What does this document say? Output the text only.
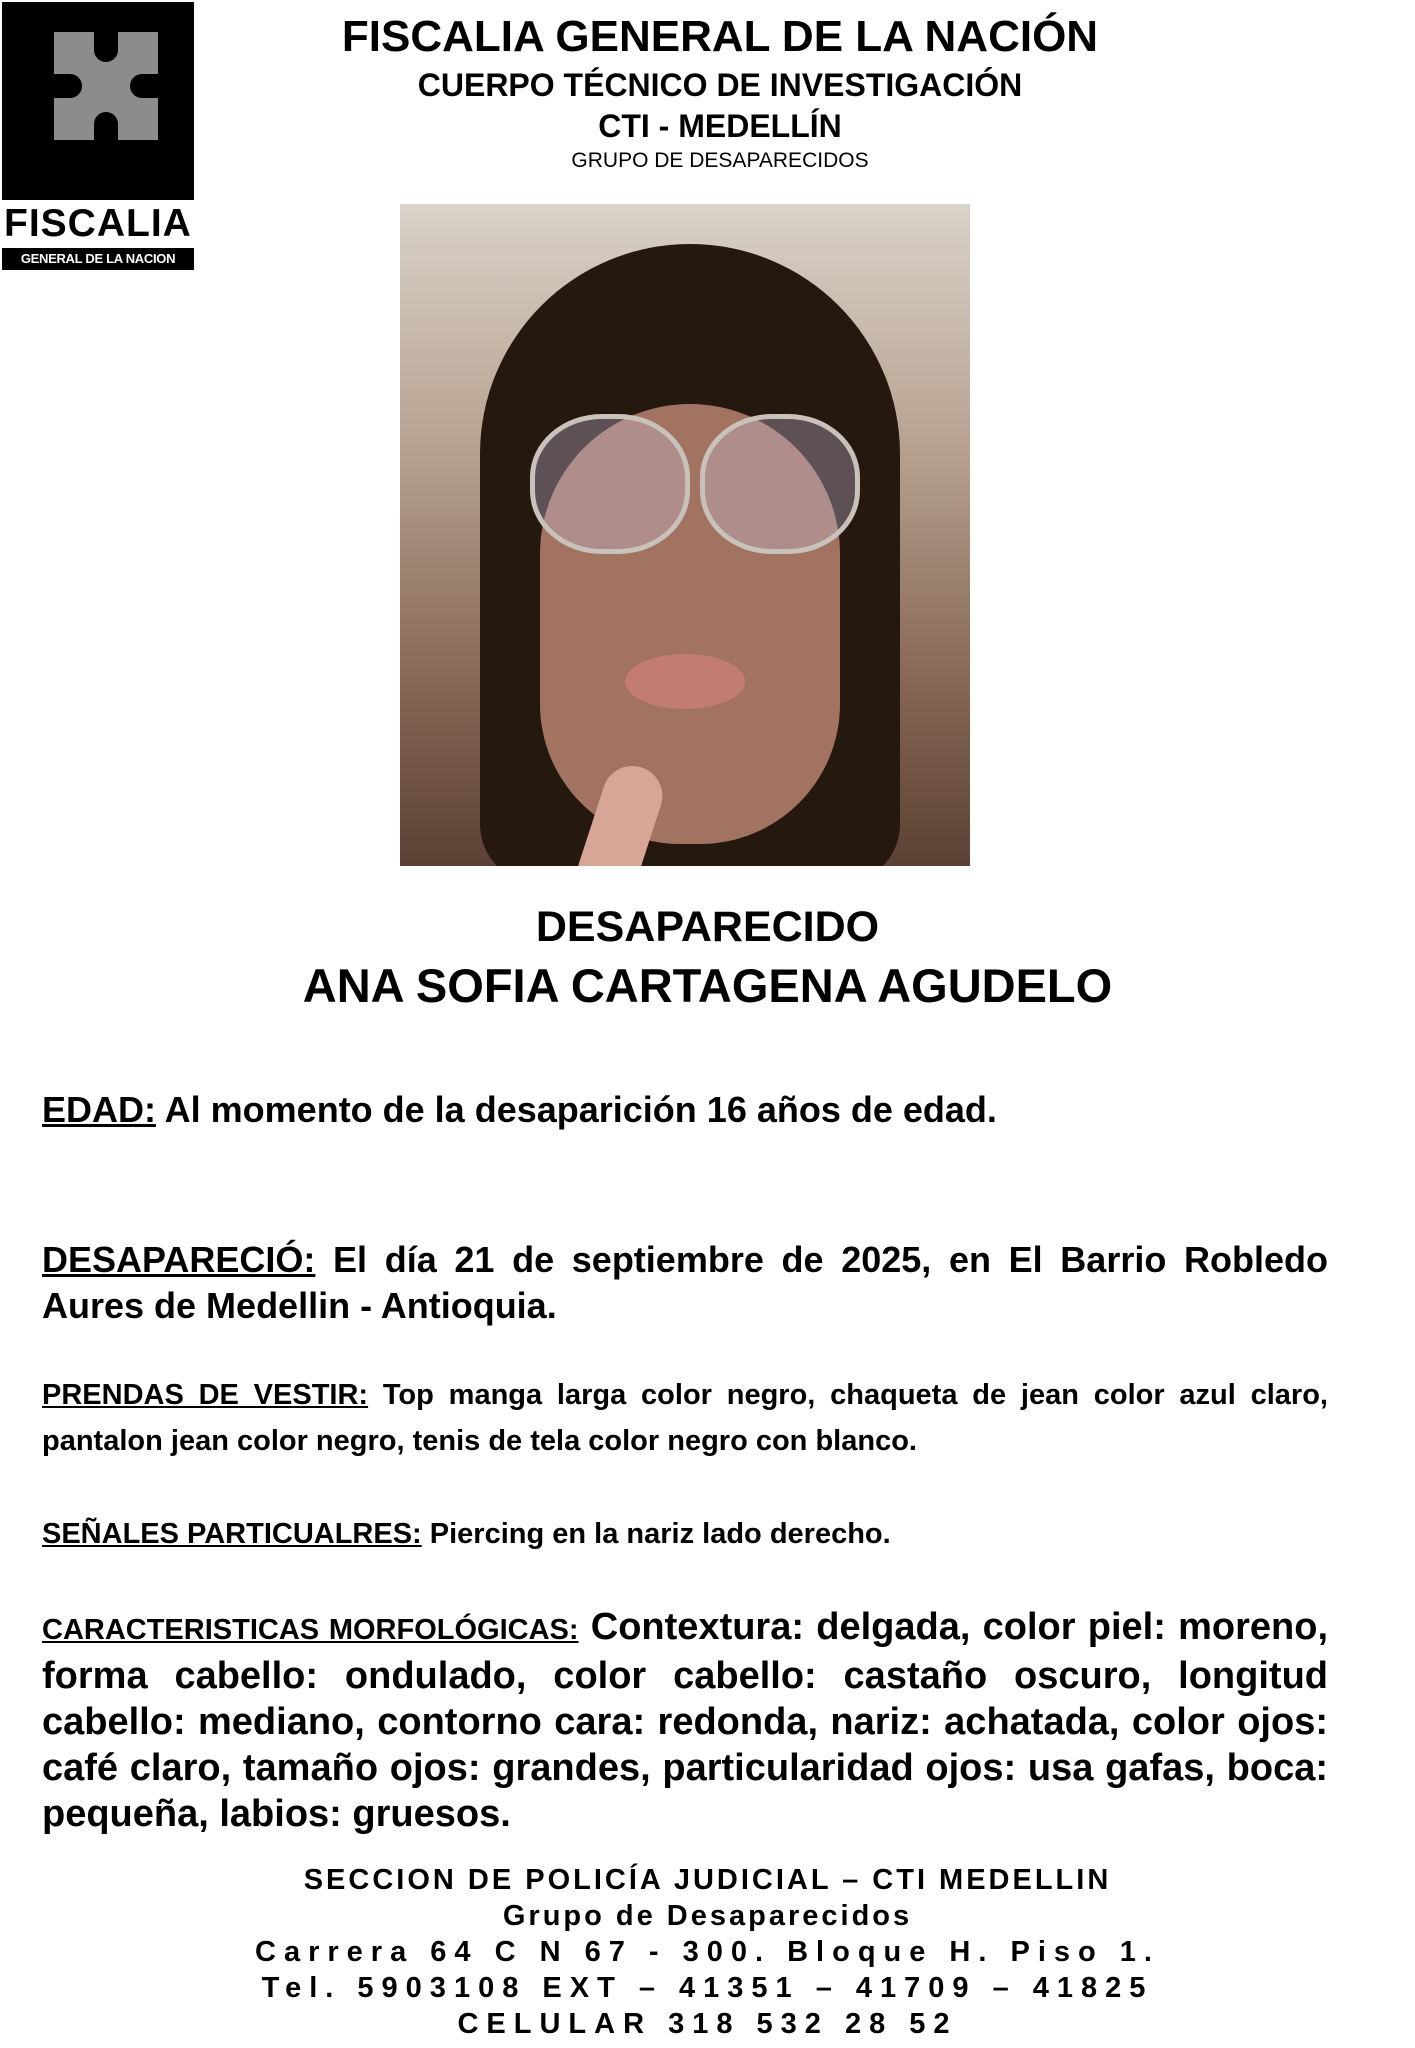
FISCALIA
GENERAL DE LA NACION
FISCALIA GENERAL DE LA NACIÓN
CUERPO TÉCNICO DE INVESTIGACIÓN
CTI - MEDELLÍN
GRUPO DE DESAPARECIDOS
DESAPARECIDO
ANA SOFIA CARTAGENA AGUDELO
EDAD: Al momento de la desaparición 16 años de edad.
DESAPARECIÓ: El día 21 de septiembre de 2025, en El Barrio Robledo Aures de Medellin - Antioquia.
PRENDAS DE VESTIR: Top manga larga color negro, chaqueta de jean color azul claro, pantalon jean color negro, tenis de tela color negro con blanco.
SEÑALES PARTICUALRES: Piercing en la nariz lado derecho.
CARACTERISTICAS MORFOLÓGICAS: Contextura: delgada, color piel: moreno, forma cabello: ondulado, color cabello: castaño oscuro, longitud cabello: mediano, contorno cara: redonda, nariz: achatada, color ojos: café claro, tamaño ojos: grandes, particularidad ojos: usa gafas, boca: pequeña, labios: gruesos.
SECCION DE POLICÍA JUDICIAL – CTI MEDELLIN
Grupo de Desaparecidos
Carrera 64 C N 67 - 300. Bloque H. Piso 1.
Tel. 5903108 EXT – 41351 – 41709 – 41825
CELULAR 318 532 28 52
